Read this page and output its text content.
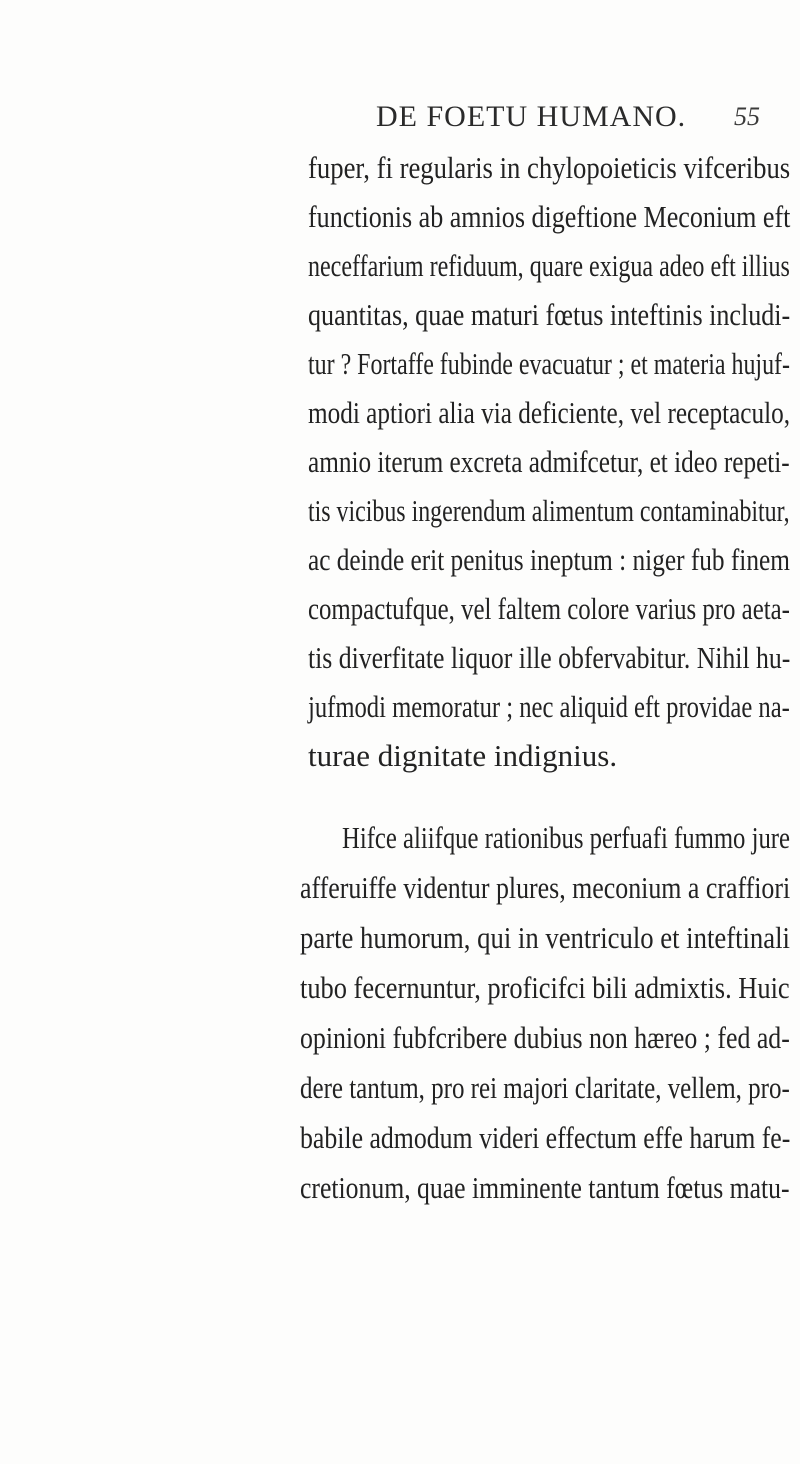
DE FOETU HUMANO. 55
fuper, fi regularis in chylopoieticis vifceribus
functionis ab amnios digeftione Meconium eft
neceffarium refiduum, quare exigua adeo eft illius
quantitas, quae maturi fœtus inteftinis includi-
tur ? Fortaffe fubinde evacuatur ; et materia hujuf-
modi aptiori alia via deficiente, vel receptaculo,
amnio iterum excreta admifcetur, et ideo repeti-
tis vicibus ingerendum alimentum contaminabitur,
ac deinde erit penitus ineptum : niger fub finem
compactufque, vel faltem colore varius pro aeta-
tis diverfitate liquor ille obfervabitur. Nihil hu-
jufmodi memoratur ; nec aliquid eft providae na-
turae dignitate indignius.
Hifce aliifque rationibus perfuafi fummo jure
afferuiffe videntur plures, meconium a craffiori
parte humorum, qui in ventriculo et inteftinali
tubo fecernuntur, proficifci bili admixtis. Huic
opinioni fubfcribere dubius non hæreo ; fed ad-
dere tantum, pro rei majori claritate, vellem, pro-
babile admodum videri effectum effe harum fe-
cretionum, quae imminente tantum fœtus matu-
